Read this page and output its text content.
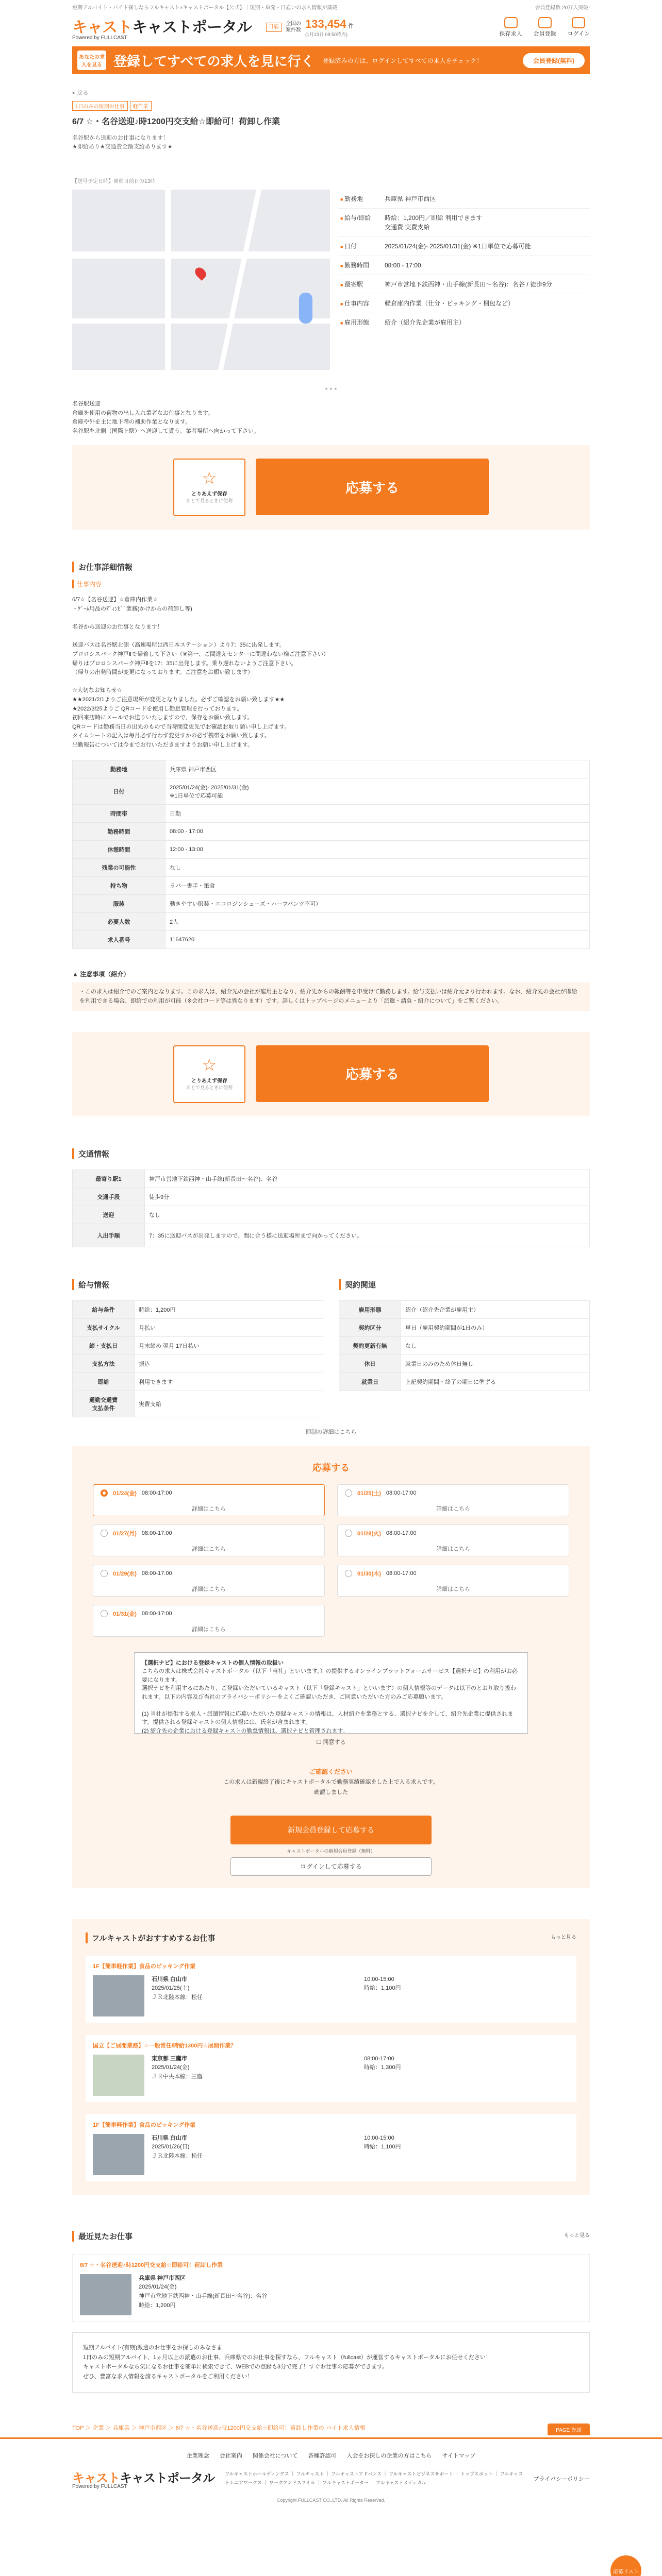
短期アルバイト・バイト探しならフルキャスト×キャストポータル【公式】｜短期・単発・日雇いの求人情報が満載	会員登録数 20万人突破!
キャストキャストポータル
Powered by FULLCAST
日雇
全国の
案件数 133,454 件
(1月23日 09:50時点)	保存求人 会員登録 ログイン
あなたの求人を見る 登録してすべての求人を見に行く 登録済みの方は、ログインしてすべての求人をチェック！	会員登録(無料)
< 戻る
1日のみの短期お仕事	軽作業
6/7 ☆・名谷送迎♪時1200円交支給☆即給可！荷卸し作業
名谷駅から送迎のお仕事になります！
★即給あり★交通費全額支給あります★
【送号予定日時】開催日前日の13時
■ 勤務地	兵庫県 神戸市西区
■ 給与/即給	時給：1,200円／即給 利用できます
交通費 実費支給
■ 日付	2025/01/24(金)- 2025/01/31(金) ※1日単位で応募可能
■ 勤務時間	08:00 - 17:00
■ 最寄駅	神戸市営地下鉄西神・山手線(新長田～名谷)：名谷 / 徒歩9分
■ 仕事内容	軽倉庫内作業（仕分・ピッキング・梱包など）
■ 雇用形態	紹介（紹介先企業が雇用主）
• • •
名谷駅送迎
倉庫を使用の荷物の出し入れ業者なお仕事となります。
倉庫や外を主に地下階の補助作業となります。
名谷駅を北側（国際上駅）へ送迎して貰う。業者場所へ向かって下さい。
☆
とりあえず保存
あとで見るときに便利
応募する
お仕事詳細情報
仕事内容
6/7☆【名谷送迎】☆倉庫内作業☆
・ｹﾞｰﾑ用品のﾃﾞｨﾝﾋﾞﾞ業務(かけからの荷卸し等)

名谷から送迎のお仕事となります！

送迎バスは名谷駅北側（高速場所は西日本ステーション）より7：35に出発します。
プロロシスパーク神戸Ⅱで帰着して下さい（※第一、ご間違えセンターに間違わない様ご注意下さい）
帰りはプロロシスパーク神戸Ⅱを17：35に出発します。乗り遅れないようご注意下さい。
（帰りの出発時間が変更になっております。ご注意をお願い致します）

☆大切なお知らせ☆
★★2021/2/1よりご注意場所が変更となりました。必ずご確認をお願い致します★★
★2022/3/25よりご QRコードを使用し勤怠管理を行っております。
初回来店時にメールでお送りいたしますので、保存をお願い致します。
QRコードは勤務当日の出先のもので当時間変更先でお確認お取り願い申し上げます。
タイムシートの記入は毎月必ず行わず変更すかの必ず携帯をお願い致します。
出勤報告については今までお行いただきますようお願い申し上げます。
勤務地	兵庫県 神戸市西区
日付	2025/01/24(金)- 2025/01/31(金)
※1日単位で応募可能
時間帯	日勤
勤務時間	08:00 - 17:00
休憩時間	12:00 - 13:00
残業の可能性	なし
持ち物	ラバー書手・筆食
服装	動きやすい服装・エコロジンシューズ・ハーフパンツ不可）
必要人数	2人
求人番号	11647620
▲ 注意事項（紹介）
・この求人は紹介でのご案内となります。この求人は、紹介先の会社が雇用主となり、紹介先からの報酬等を申受けて勤務します。給与支払いは紹介元より行われます。なお、紹介先の会社が即給を利用できる場合、即給での利用が可能（※会社コード等は異なります）です。詳しくはトップページのメニューより「派遣・請負・紹介について」をご覧ください。
☆
とりあえず保存
あとで見るときに便利
応募する
交通情報
最寄り駅1	神戸市営地下鉄西神・山手線(新長田～名谷)：名谷
交通手段	徒歩9分
送迎	なし
入出手順	7：35に送迎バスが出発しますので、間に合う様に送迎場所まで向かってください。
給与情報
給与条件	時給：1,200円
支払サイクル	月払い
締・支払日	月末締め 翌月 17日払い
支払方法	振込
即給	利用できます
通勤交通費
支払条件	実費支給
契約関連
雇用形態	紹介（紹介先企業が雇用主）
契約区分	単日（雇用契約期間が1日のみ）
契約更新有無	なし
休日	就業日のみのため休日無し
就業日	上記契約期間・終了の期日に準ずる
即制の詳細はこちら
応募する
01/24(金) 08:00-17:00
詳細はこちら
01/25(土) 08:00-17:00
詳細はこちら
01/27(月) 08:00-17:00
詳細はこちら
01/28(火) 08:00-17:00
詳細はこちら
01/29(水) 08:00-17:00
詳細はこちら
01/30(木) 08:00-17:00
詳細はこちら
01/31(金) 08:00-17:00
詳細はこちら
【選択ナビ】における登録キャストの個人情報の取扱い
こちらの求人は株式会社キャストポータル（以下「当社」といいます。）の提供するオンラインプラットフォームサービス【選択ナビ】の利用がお必要になります。
選択ナビを利用するにあたり、ご登録いただいているキャスト（以下「登録キャスト」といいます）の個人情報等のデータは以下のとおり取り扱われます。以下の内容及び当社のプライバシーポリシーをよくご確認いただき、ご同意いただいた方のみご応募願います。

(1) 当社が提供する求人・派遣情報に応募いただいた登録キャストの情報は、人材紹介を業務とする、選択ナビを介して、紹介先企業に提供されます。提供される登録キャストの個人情報には、氏名が含まれます。
(2) 紹介先の企業における登録キャストの勤怠情報は、選択ナビと管理されます。
☐ 同意する
ご確認ください
この求人は新規終了後にキャストポータルで勤務実績確認をした上で入る求人です。
確認しました
新規会員登録して応募する
キャストポータルの新規会員登録（無料）
ログインして応募する
フルキャストがおすすめするお仕事	もっと見る
1F【簡単軽作業】食品のピッキング作業
石川県 白山市
2025/01/25(土)
ＪＲ北陸本線：松任
10:00-15:00
時給：1,100円
国立【ご展開業務】☆一般常任/時給1300円☆展開作業？
東京都 三鷹市
2025/01/24(金)
ＪＲ中央本線：三鷹
08:00-17:00
時給：1,300円
1F【簡単軽作業】食品のピッキング作業
石川県 白山市
2025/01/26(日)
ＪＲ北陸本線：松任
10:00-15:00
時給：1,100円
最近見たお仕事	もっと見る
6/7 ☆・名谷送迎♪時1200円交支給☆即給可！荷卸し作業
兵庫県 神戸市西区
2025/01/24(金)
神戸市営地下鉄西神・山手線(新長田～名谷)：名谷
時給：1,200円
短期アルバイト(有期)派遣のお仕事をお探しのみなさま
1日のみの短期アルバイト、1ヵ月以上の派遣のお仕事、兵庫県でのお仕事を探すなら、フルキャスト（fullcast）が運営するキャストポータルにお任せください！
キャストポータルなら気になるお仕事を簡単に検索できて、WEBでの登録も3分で完了！すぐお仕事の応募ができます。
ぜひ、豊富な求人情報を誇るキャストポータルをご利用ください！
TOP ＞ 企業 ＞ 兵庫県 ＞ 神戸市西区 ＞ 6/7 ☆・名谷送迎♪時1200円交支給☆即給可！荷卸し作業の バイト求人情報	PAGE 先頭
企業理念 会社案内 関係会社について 各種許認可 入会をお探しの企業の方はこちら サイトマップ
キャストキャストポータル
Powered by FULLCAST
フルキャストホールディングス ｜ フルキャスト ｜ フルキャストアドバンス ｜ フルキャストビジネスサポート ｜ トップスポット ｜ フルキャストシニアワークス ｜ ワークアンドスマイル ｜ フルキャストポーター ｜ フルキャストメディカル
プライバシーポリシー
Copyright FULLCAST CO.,LTD. All Rights Reserved.
応募リスト
